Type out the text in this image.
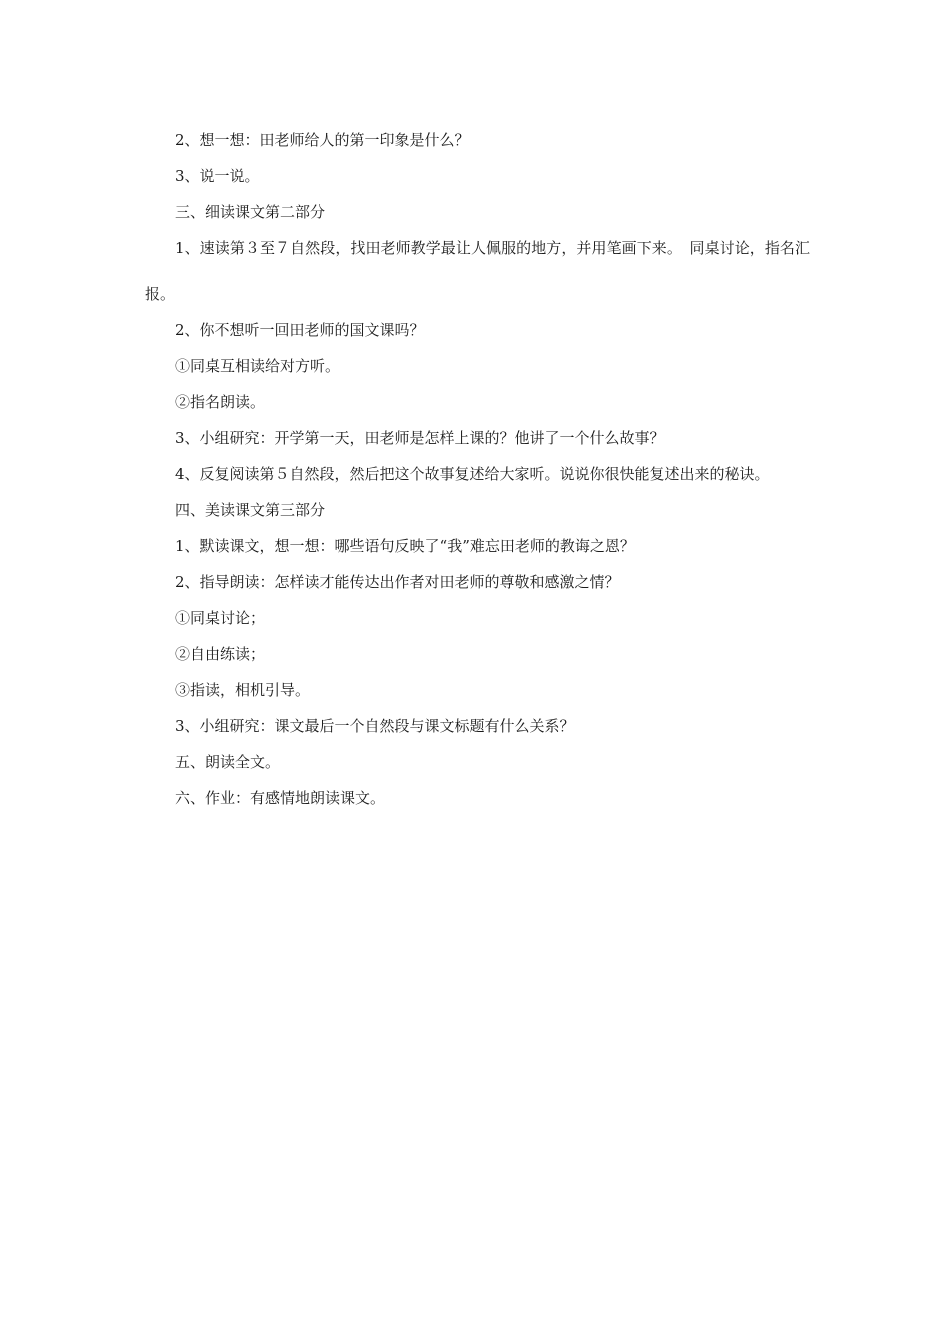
2、想一想：田老师给人的第一印象是什么？

3、说一说。

三、细读课文第二部分

1、速读第３至７自然段，找田老师教学最让人佩服的地方，并用笔画下来。　同桌讨论，指名汇报。

2、你不想听一回田老师的国文课吗？

①同桌互相读给对方听。

②指名朗读。

3、小组研究：开学第一天，田老师是怎样上课的？他讲了一个什么故事？

4、反复阅读第５自然段，然后把这个故事复述给大家听。说说你很快能复述出来的秘诀。

四、美读课文第三部分

1、默读课文，想一想：哪些语句反映了“我”难忘田老师的教诲之恩？

2、指导朗读：怎样读才能传达出作者对田老师的尊敬和感激之情？

①同桌讨论；

②自由练读；

③指读，相机引导。

3、小组研究：课文最后一个自然段与课文标题有什么关系？

五、朗读全文。

六、作业：有感情地朗读课文。
